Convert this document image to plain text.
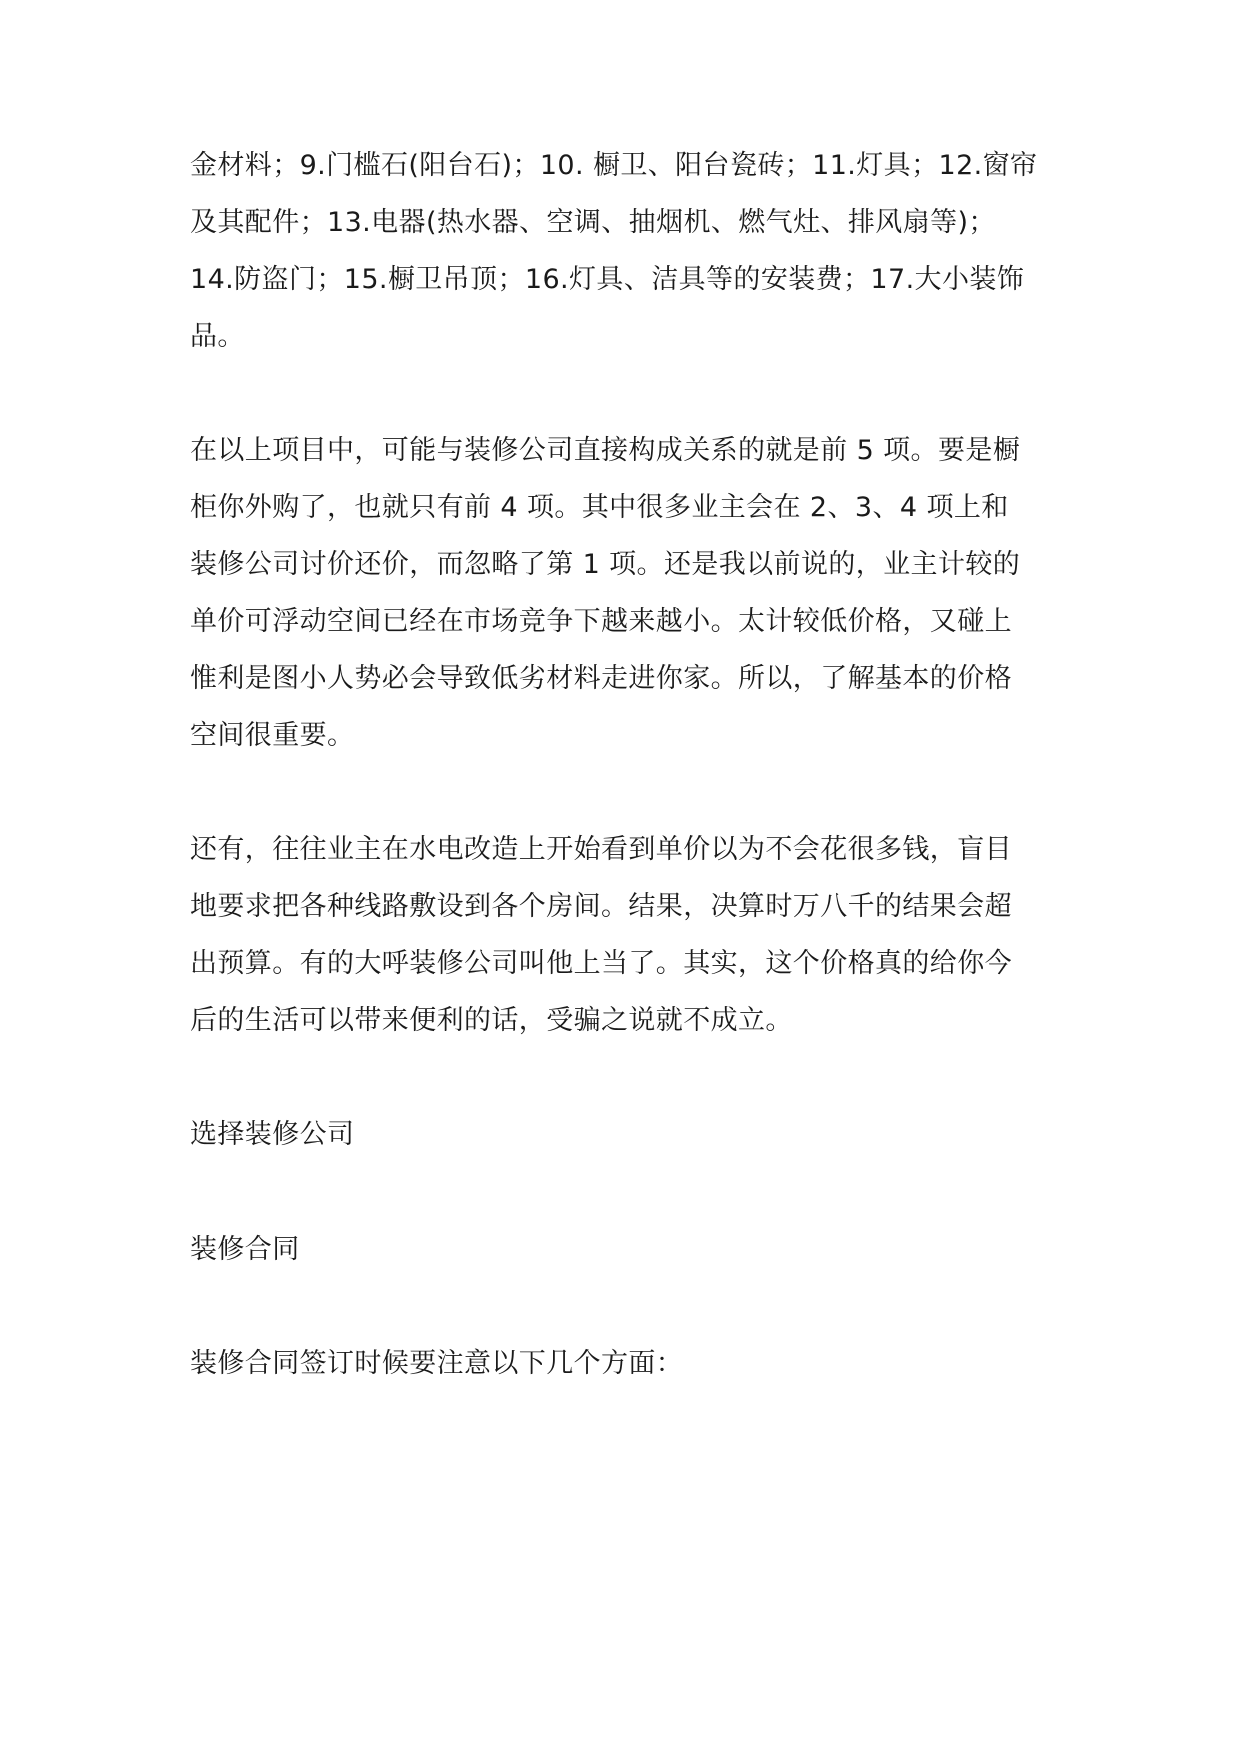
金材料；9.门槛石(阳台石)；10. 橱卫、阳台瓷砖；11.灯具；12.窗帘
及其配件；13.电器(热水器、空调、抽烟机、燃气灶、排风扇等)；
14.防盗门；15.橱卫吊顶；16.灯具、洁具等的安装费；17.大小装饰
品。
在以上项目中，可能与装修公司直接构成关系的就是前 5 项。要是橱
柜你外购了，也就只有前 4 项。其中很多业主会在 2、3、4 项上和
装修公司讨价还价，而忽略了第 1 项。还是我以前说的，业主计较的
单价可浮动空间已经在市场竞争下越来越小。太计较低价格，又碰上
惟利是图小人势必会导致低劣材料走进你家。所以，了解基本的价格
空间很重要。
还有，往往业主在水电改造上开始看到单价以为不会花很多钱，盲目
地要求把各种线路敷设到各个房间。结果，决算时万八千的结果会超
出预算。有的大呼装修公司叫他上当了。其实，这个价格真的给你今
后的生活可以带来便利的话，受骗之说就不成立。
选择装修公司
装修合同
装修合同签订时候要注意以下几个方面：
